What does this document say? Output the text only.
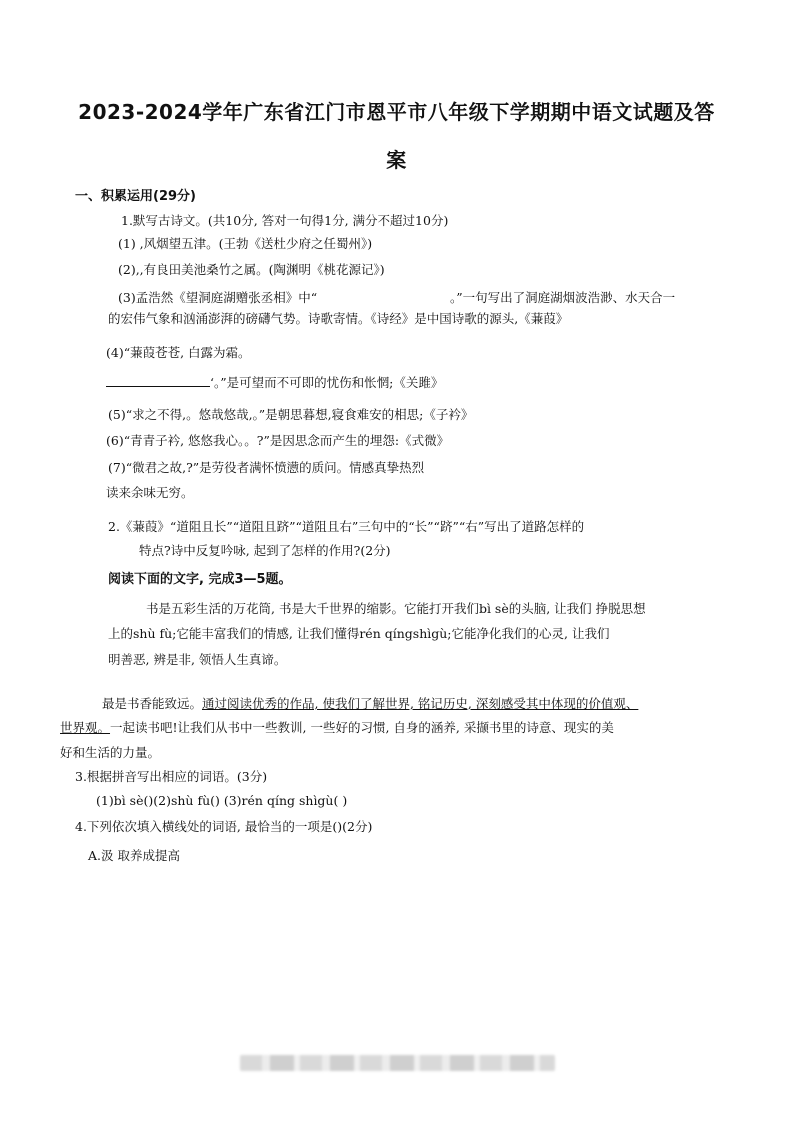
2023-2024学年广东省江门市恩平市八年级下学期期中语文试题及答
案
一、积累运用(29分)
1.默写古诗文。(共10分, 答对一句得1分, 满分不超过10分)
(1) ,风烟望五津。(王勃《送杜少府之任蜀州》)
(2),,有良田美池桑竹之属。(陶渊明《桃花源记》)
(3)孟浩然《望洞庭湖赠张丞相》中“	。”一句写出了洞庭湖烟波浩渺、水天合一
的宏伟气象和汹涌澎湃的磅礴气势。诗歌寄情。《诗经》是中国诗歌的源头,《蒹葭》
(4)“蒹葭苍苍, 白露为霜。
‘。”是可望而不可即的忧伤和怅惘;《关雎》
(5)“求之不得,。悠哉悠哉,。”是朝思暮想,寝食难安的相思;《子衿》
(6)“青青子衿, 悠悠我心。。?”是因思念而产生的埋怨:《式微》
(7)“微君之故,?”是劳役者满怀愤懑的质问。情感真挚热烈
读来余味无穷。
2.《蒹葭》“道阻且长”“道阻且跻”“道阻且右”三句中的“长”“跻”“右”写出了道路怎样的
特点?诗中反复吟咏, 起到了怎样的作用?(2分)
阅读下面的文字, 完成3—5题。
书是五彩生活的万花筒, 书是大千世界的缩影。它能打开我们bì sè的头脑, 让我们 挣脱思想
上的shù fù;它能丰富我们的情感, 让我们懂得rén qíngshìgù;它能净化我们的心灵, 让我们
明善恶, 辨是非, 领悟人生真谛。
最是书香能致远。通过阅读优秀的作品, 使我们了解世界, 铭记历史, 深刻感受其中体现的价值观、
世界观。一起读书吧!让我们从书中一些教训, 一些好的习惯, 自身的涵养, 采撷书里的诗意、现实的美
好和生活的力量。
3.根据拼音写出相应的词语。(3分)
(1)bì sè()(2)shù fù() (3)rén qíng shìgù( )
4.下列依次填入横线处的词语, 最恰当的一项是()(2分)
A.汲 取养成提高
